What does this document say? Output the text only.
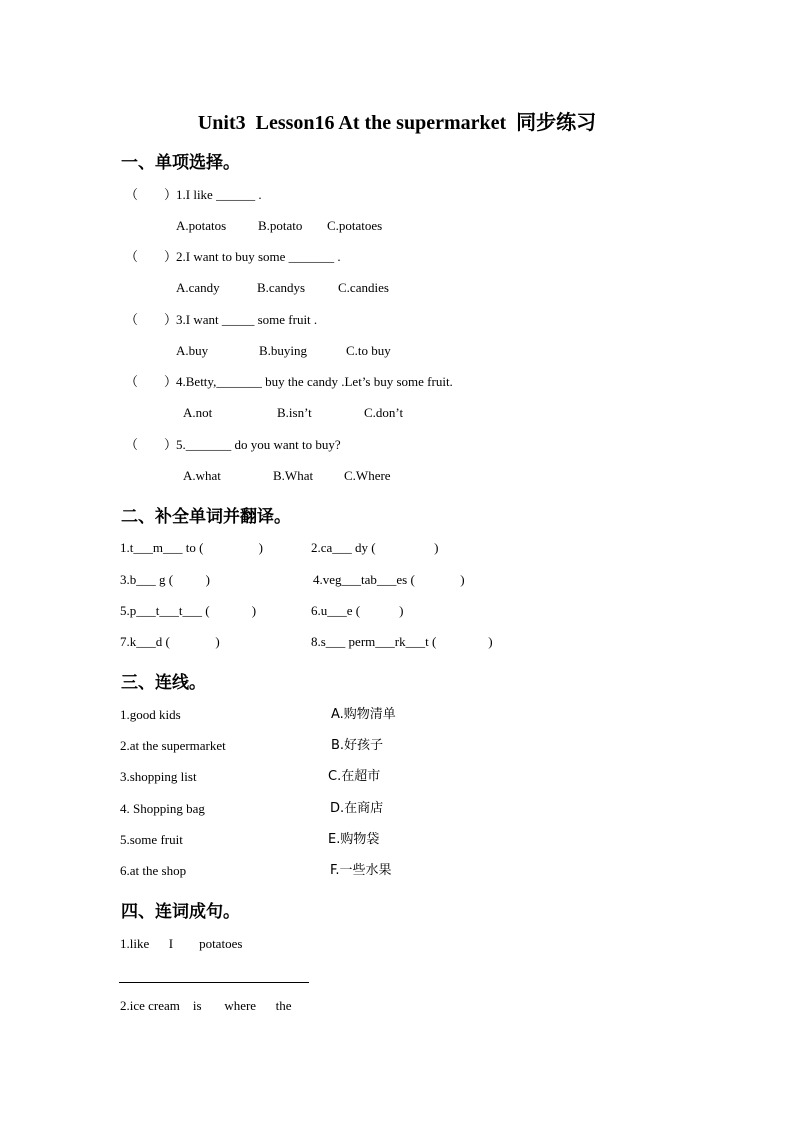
Unit3  Lesson16 At the supermarket  同步练习
一、单项选择。
（　　）
1.I like ______ .
A.potatos B.potato C.potatoes
（　　）
2.I want to buy some _______ .
A.candy	B.candys	C.candies
（　　）
3.I want _____ some fruit .
A.buy	B.buying	C.to buy
（　　）
4.Betty,_______ buy the candy .Let’s buy some fruit.
A.not	B.isn’t	C.don’t
（　　）
5._______ do you want to buy?
A.what	B.What C.Where
二、补全单词并翻译。
1.t___m___ to (                 )	2.ca___ dy (                  )
3.b___ g (          )	4.veg___tab___es (              )
5.p___t___t___ (             )	6.u___e (            )
7.k___d (              )	8.s___ perm___rk___t (                )
三、连线。
1.good kids	A.购物清单
2.at the supermarket	B.好孩子
3.shopping list	C.在超市
4. Shopping bag	D.在商店
5.some fruit	E.购物袋
6.at the shop	F.一些水果
四、连词成句。
1.like      I        potatoes
2.ice cream    is       where      the
